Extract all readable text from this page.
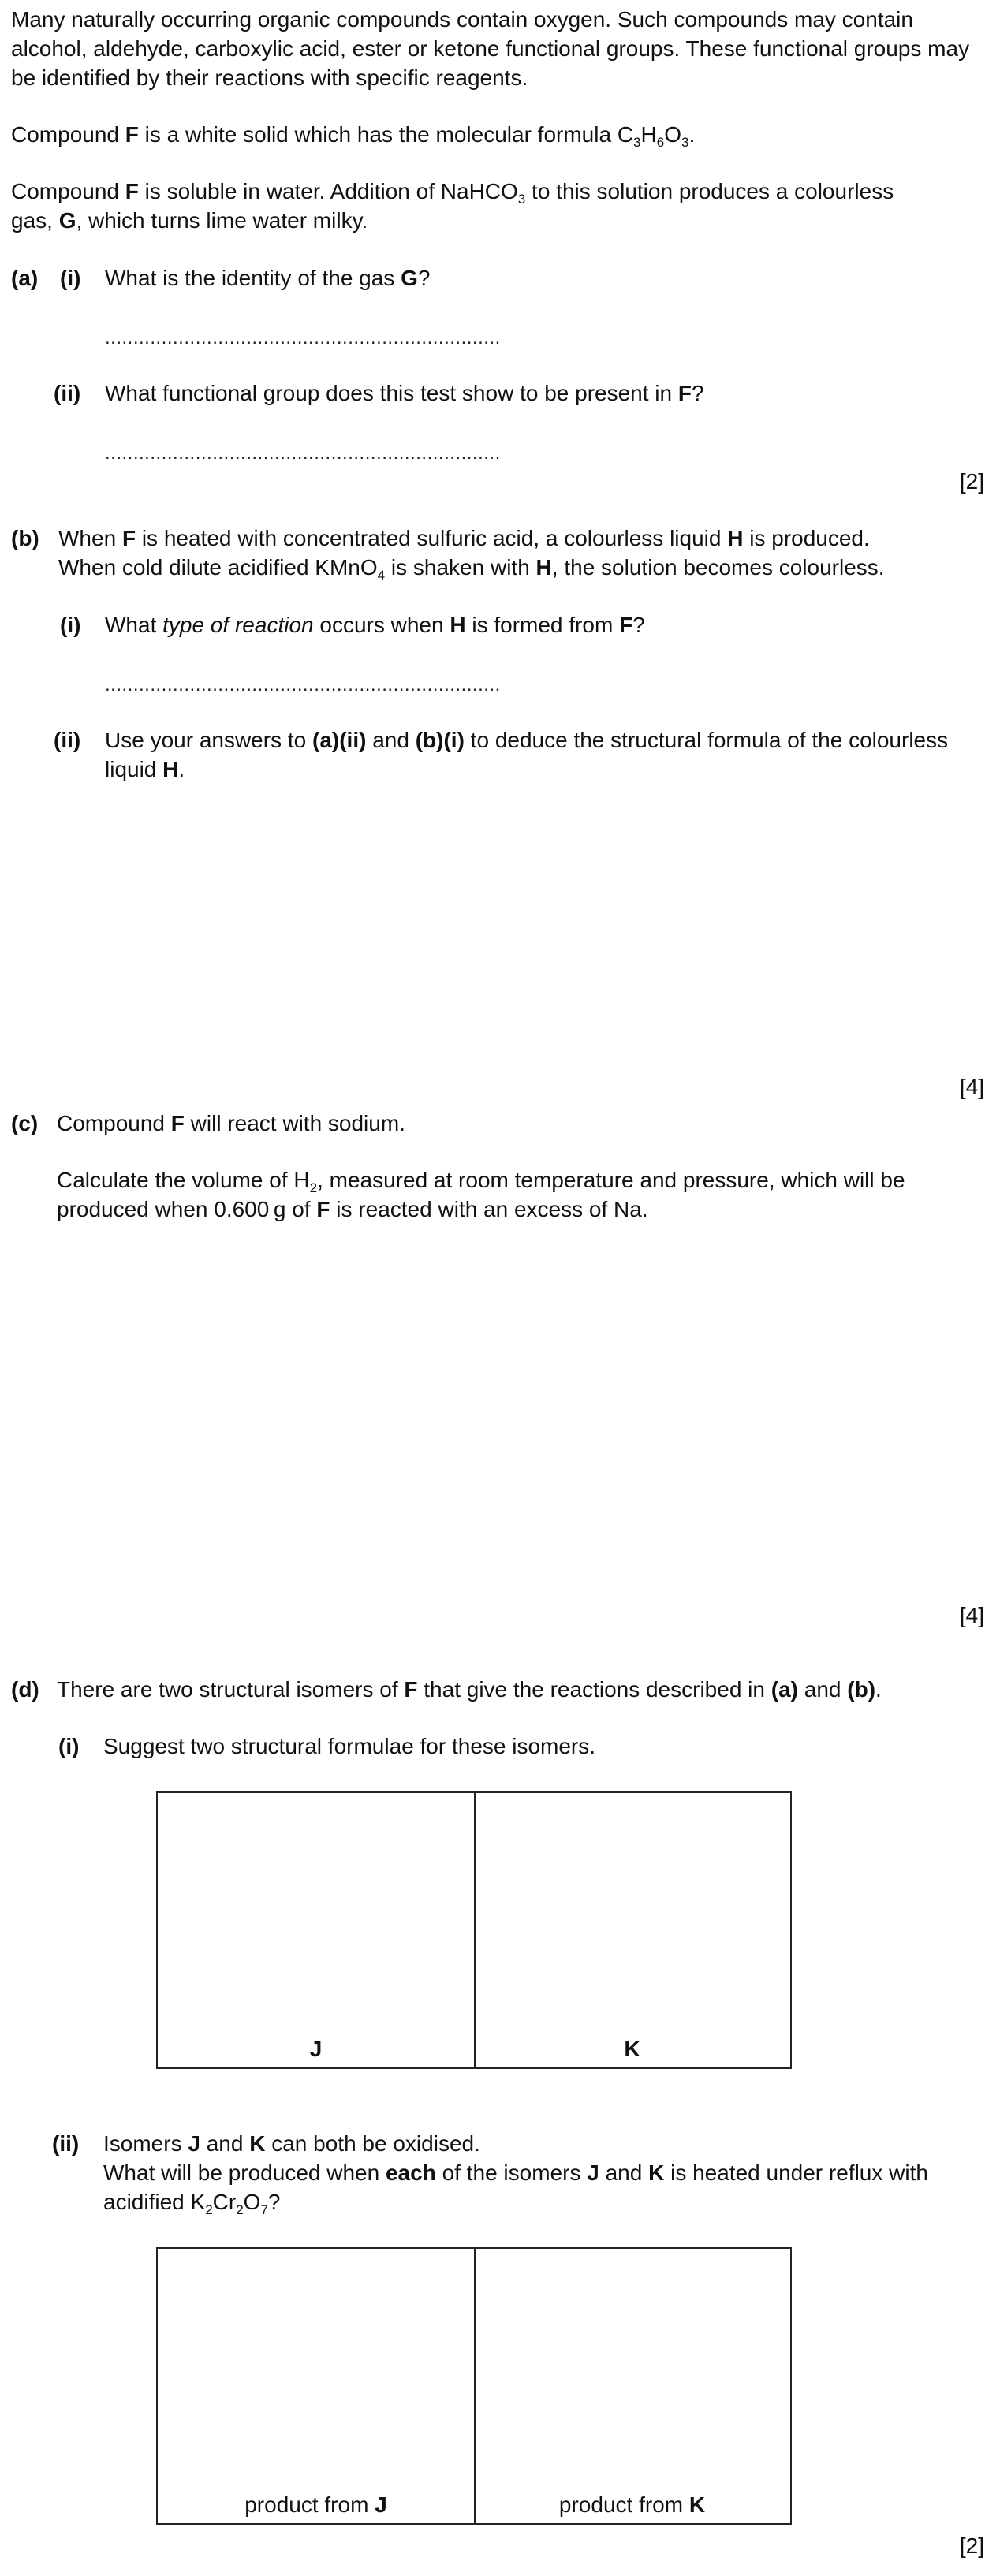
Many naturally occurring organic compounds contain oxygen. Such compounds may contain alcohol, aldehyde, carboxylic acid, ester or ketone functional groups. These functional groups may be identified by their reactions with specific reagents.

Compound F is a white solid which has the molecular formula $C_3H_6O_3$.

Compound F is soluble in water. Addition of NaHCO$_3$ to this solution produces a colourless

gas, G, which turns lime water milky.

(a) (i) What is the identity of the gas G?

......................................................................
(ii) What functional group does this test show to be present in F?

......................................................................
[2]
(b) When F is heated with concentrated sulfuric acid, a colourless liquid H is produced.

When cold dilute acidified KMnO$_4$ is shaken with H, the solution becomes colourless.

(i) What type of reaction occurs when H is formed from F?

......................................................................
(ii) Use your answers to (a)(ii) and (b)(i) to deduce the structural formula of the colourless

liquid H.

[4]
(c) Compound F will react with sodium.

Calculate the volume of $H_2$, measured at room temperature and pressure, which will be

produced when 0.600 g of F is reacted with an excess of Na.

[4]
(d) There are two structural isomers of F that give the reactions described in (a) and (b).

(i) Suggest two structural formulae for these isomers.

J	K
(ii) Isomers J and K can both be oxidised.

What will be produced when each of the isomers J and K is heated under reflux with

acidified $K_2Cr_2O_7$?

product from J	product from K
[2]
